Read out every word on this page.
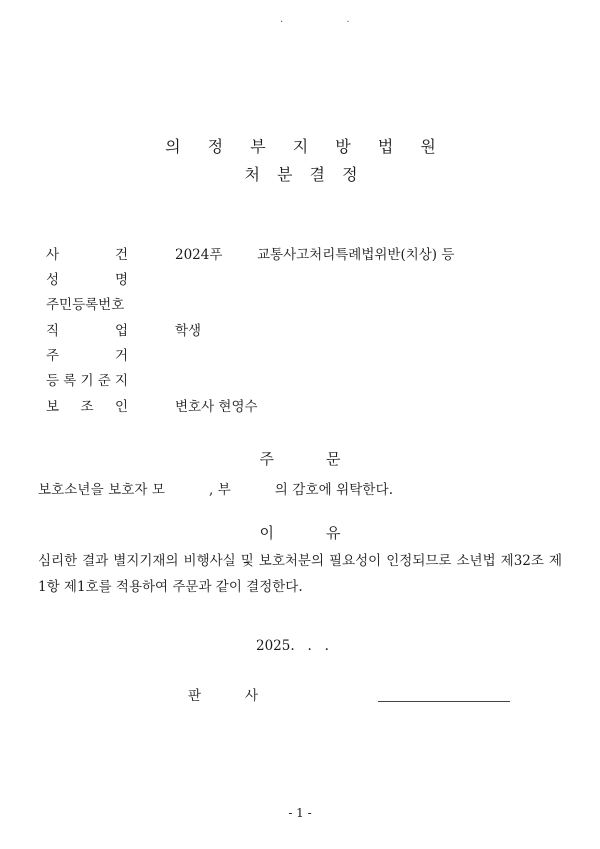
. .
의 정 부 지 방 법 원
처 분 결 정
사	건	2024푸	교통사고처리특례법위반(치상) 등
성	명
주민등록번호
직	업	학생
주	거
등 록 기 준 지
보 조 인	변호사 현영수
주	문
보호소년을 보호자 모          , 부          의 감호에 위탁한다.
이	유
심리한 결과 별지기재의 비행사실 및 보호처분의 필요성이 인정되므로 소년법 제32조 제1항 제1호를 적용하여 주문과 같이 결정한다.
2025.   .   .
판	사
- 1 -
